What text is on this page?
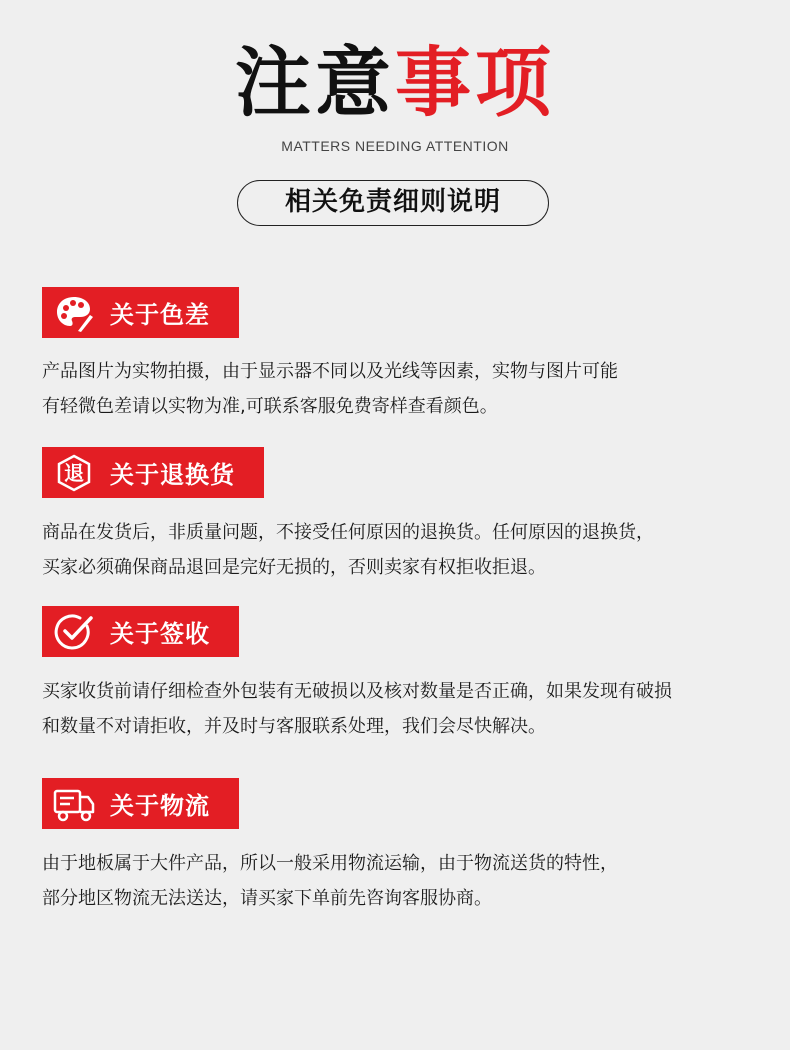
注意事项
MATTERS NEEDING ATTENTION
相关免责细则说明
关于色差
产品图片为实物拍摄，由于显示器不同以及光线等因素，实物与图片可能
有轻微色差请以实物为准,可联系客服免费寄样查看颜色。
退 关于退换货
商品在发货后，非质量问题，不接受任何原因的退换货。任何原因的退换货，
买家必须确保商品退回是完好无损的，否则卖家有权拒收拒退。
关于签收
买家收货前请仔细检查外包装有无破损以及核对数量是否正确，如果发现有破损
和数量不对请拒收，并及时与客服联系处理，我们会尽快解决。
关于物流
由于地板属于大件产品，所以一般采用物流运输，由于物流送货的特性，
部分地区物流无法送达，请买家下单前先咨询客服协商。
